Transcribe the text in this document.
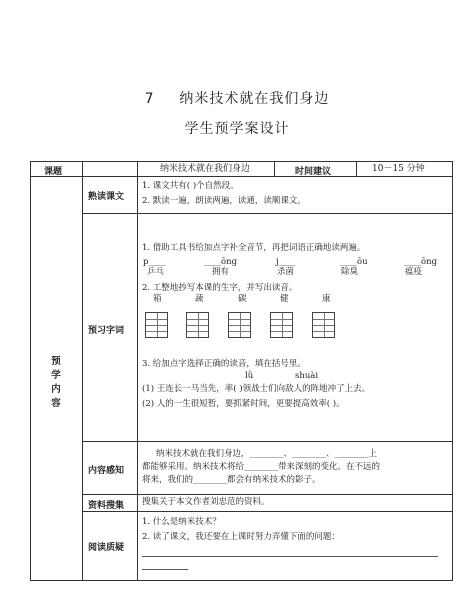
7 纳米技术就在我们身边
学生预学案设计
课题	纳米技术就在我们身边	时间建议	10－15 分钟
预学内容
熟读课文
1. 课文共有( )个自然段。
2. 默读一遍，朗读两遍，读通，读顺课文。
预习字词
1. 借助工具书给加点字补全音节，再把词语正确地读两遍。
p____	____ōng	j____	____ōu	____ōng
乒乓	拥有	杀菌	除臭	瘟疫
2. 工整地抄写本课的生字，并写出读音。
箱	蔬	碳	健	康
3. 给加点字选择正确的读音，填在括号里。
lǜ	shuài
(1) 王连长一马当先，率( )领战士们向敌人的阵地冲了上去。
(2) 人的一生很短暂，要抓紧时间，更要提高效率( )。
内容感知
纳米技术就在我们身边，________、________、________上
都能够采用。纳米技术将给________带来深刻的变化。在不远的
将来，我们的________都会有纳米技术的影子。
资料搜集 搜集关于本文作者刘忠范的资料。
阅读质疑
1. 什么是纳米技术？
2. 读了课文，我还要在上课时努力弄懂下面的问题：
